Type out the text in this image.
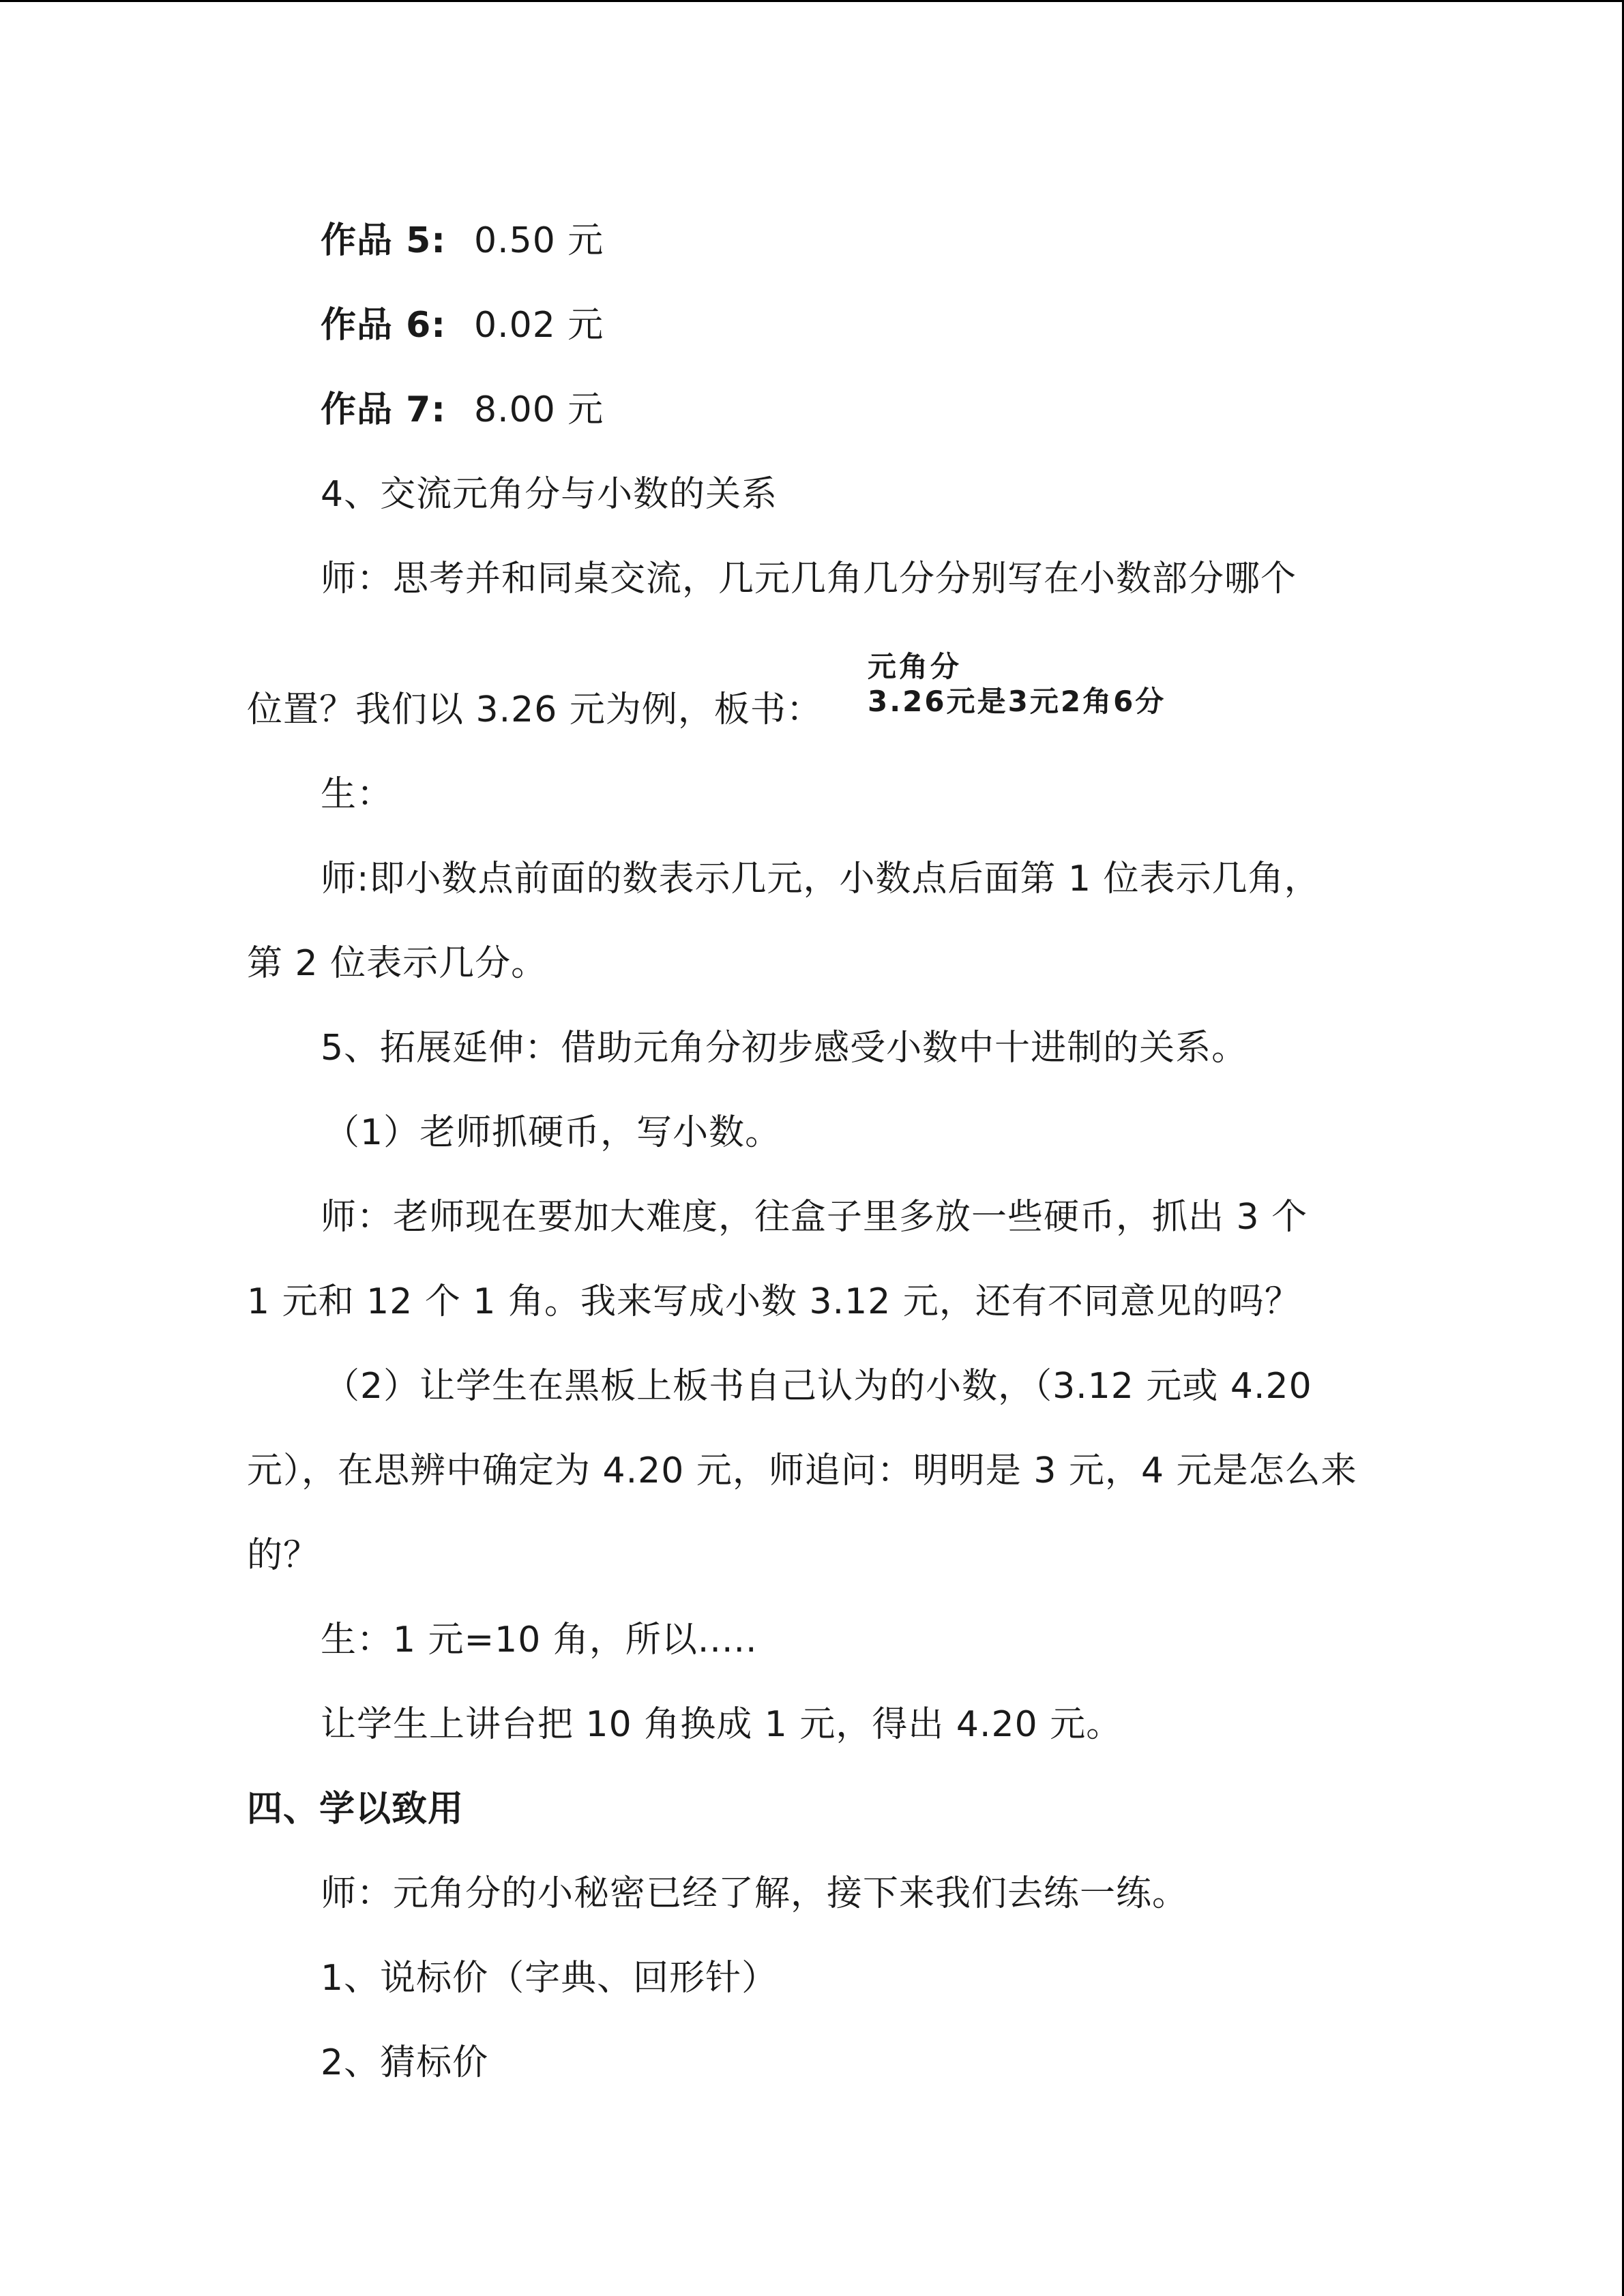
作品 5: 0.50 元
作品 6: 0.02 元
作品 7: 8.00 元
4、交流元角分与小数的关系
师：思考并和同桌交流，几元几角几分分别写在小数部分哪个
位置？我们以 3.26 元为例，板书：
元角分
3.26元是3元2角6分
生：
师:即小数点前面的数表示几元，小数点后面第 1 位表示几角，
第 2 位表示几分。
5、拓展延伸：借助元角分初步感受小数中十进制的关系。
（1）老师抓硬币，写小数。
师：老师现在要加大难度，往盒子里多放一些硬币，抓出 3 个
1 元和 12 个 1 角。我来写成小数 3.12 元，还有不同意见的吗？
（2）让学生在黑板上板书自己认为的小数，（3.12 元或 4.20
元），在思辨中确定为 4.20 元，师追问：明明是 3 元，4 元是怎么来
的？
生：1 元=10 角，所以.....
让学生上讲台把 10 角换成 1 元，得出 4.20 元。
四、学以致用
师：元角分的小秘密已经了解，接下来我们去练一练。
1、说标价（字典、回形针）
2、猜标价
